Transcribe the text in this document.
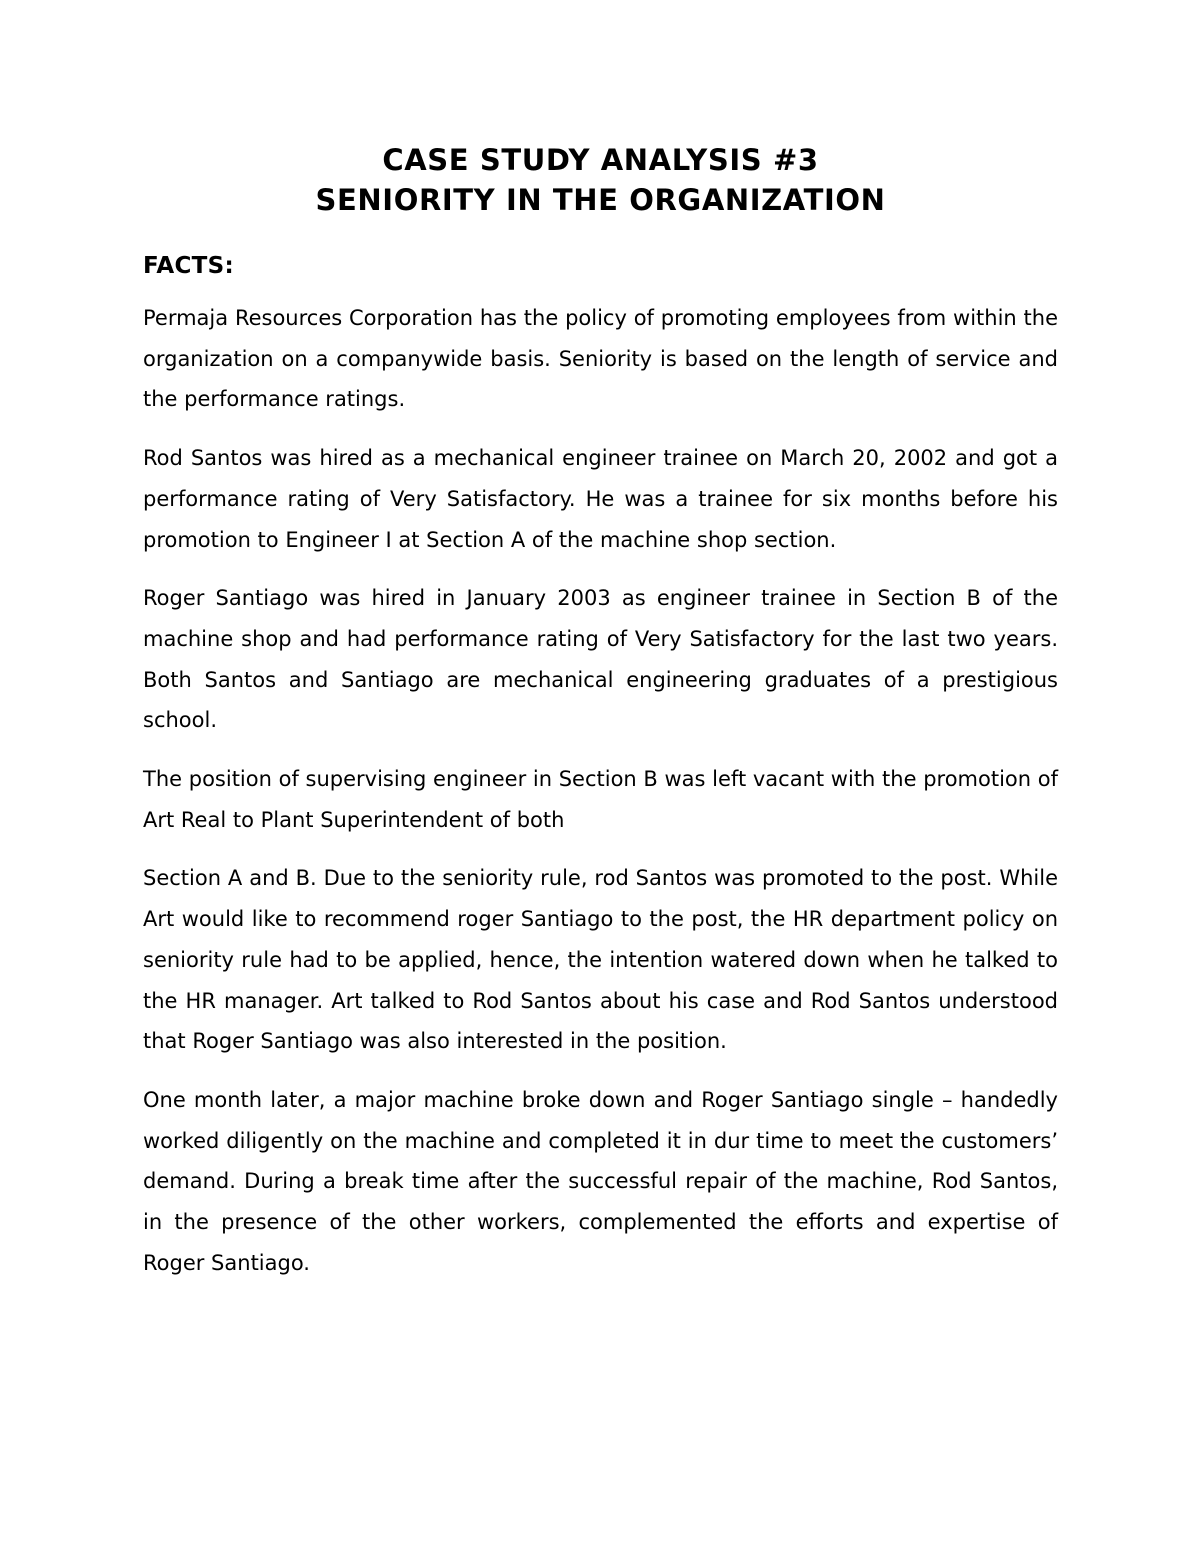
CASE STUDY ANALYSIS #3
SENIORITY IN THE ORGANIZATION
FACTS:

Permaja Resources Corporation has the policy of promoting employees from within the organization on a companywide basis. Seniority is based on the length of service and the performance ratings.

Rod Santos was hired as a mechanical engineer trainee on March 20, 2002 and got a performance rating of Very Satisfactory. He was a trainee for six months before his promotion to Engineer I at Section A of the machine shop section.

Roger Santiago was hired in January 2003 as engineer trainee in Section B of the machine shop and had performance rating of Very Satisfactory for the last two years. Both Santos and Santiago are mechanical engineering graduates of a prestigious school.

The position of supervising engineer in Section B was left vacant with the promotion of Art Real to Plant Superintendent of both

Section A and B. Due to the seniority rule, rod Santos was promoted to the post. While Art would like to recommend roger Santiago to the post, the HR department policy on seniority rule had to be applied, hence, the intention watered down when he talked to the HR manager. Art talked to Rod Santos about his case and Rod Santos understood that Roger Santiago was also interested in the position.

One month later, a major machine broke down and Roger Santiago single – handedly worked diligently on the machine and completed it in dur time to meet the customers’ demand. During a break time after the successful repair of the machine, Rod Santos, in the presence of the other workers, complemented the efforts and expertise of Roger Santiago.
